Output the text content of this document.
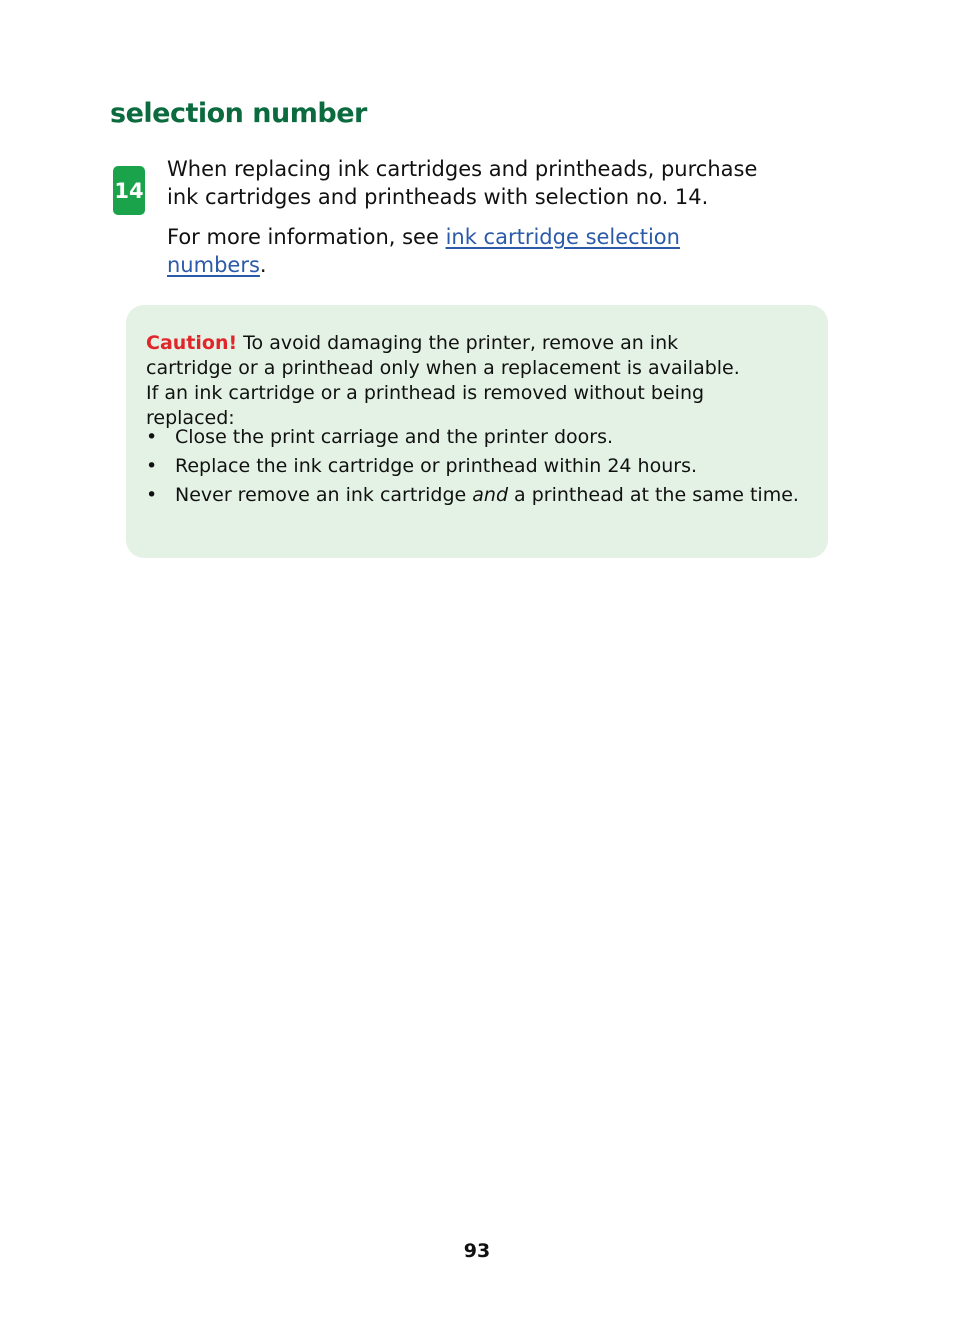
selection number
14

When replacing ink cartridges and printheads, purchase ink cartridges and printheads with selection no. 14.

For more information, see ink cartridge selection numbers.

Caution! To avoid damaging the printer, remove an ink cartridge or a printhead only when a replacement is available. If an ink cartridge or a printhead is removed without being replaced:

• Close the print carriage and the printer doors.
• Replace the ink cartridge or printhead within 24 hours.
• Never remove an ink cartridge and a printhead at the same time.
93
